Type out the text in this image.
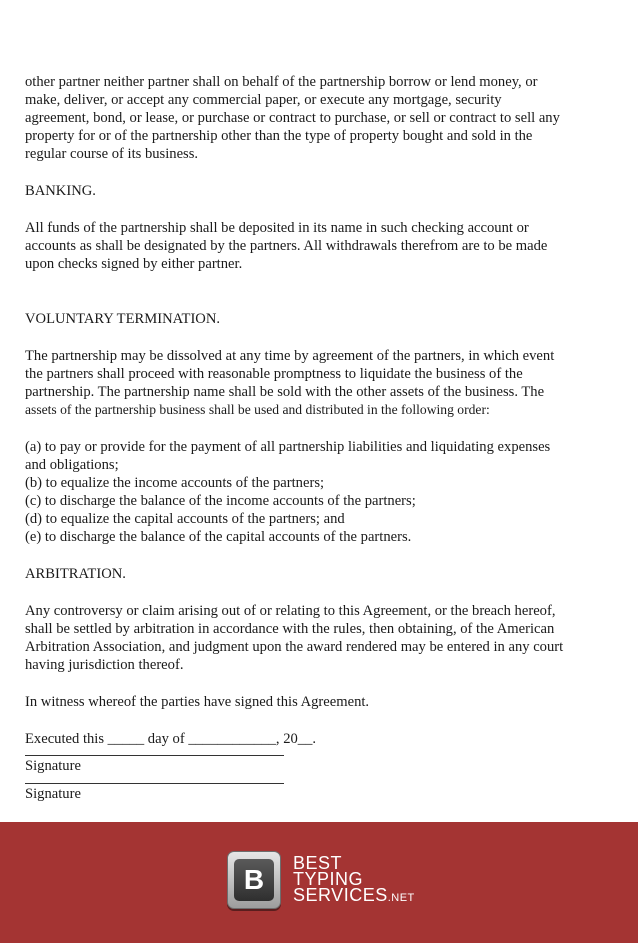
other partner neither partner shall on behalf of the partnership borrow or lend money, or

make, deliver, or accept any commercial paper, or execute any mortgage, security

agreement, bond, or lease, or purchase or contract to purchase, or sell or contract to sell any

property for or of the partnership other than the type of property bought and sold in the

regular course of its business.

BANKING.

All funds of the partnership shall be deposited in its name in such checking account or

accounts as shall be designated by the partners. All withdrawals therefrom are to be made

upon checks signed by either partner.

VOLUNTARY TERMINATION.

The partnership may be dissolved at any time by agreement of the partners, in which event

the partners shall proceed with reasonable promptness to liquidate the business of the

partnership. The partnership name shall be sold with the other assets of the business. The

assets of the partnership business shall be used and distributed in the following order:

(a) to pay or provide for the payment of all partnership liabilities and liquidating expenses

and obligations;

(b) to equalize the income accounts of the partners;

(c) to discharge the balance of the income accounts of the partners;

(d) to equalize the capital accounts of the partners; and

(e) to discharge the balance of the capital accounts of the partners.

ARBITRATION.

Any controversy or claim arising out of or relating to this Agreement, or the breach hereof,

shall be settled by arbitration in accordance with the rules, then obtaining, of the American

Arbitration Association, and judgment upon the award rendered may be entered in any court

having jurisdiction thereof.

In witness whereof the parties have signed this Agreement.

Executed this _____ day of ____________, 20__.

Signature

Signature

B
BEST
TYPING
SERVICES.NET
